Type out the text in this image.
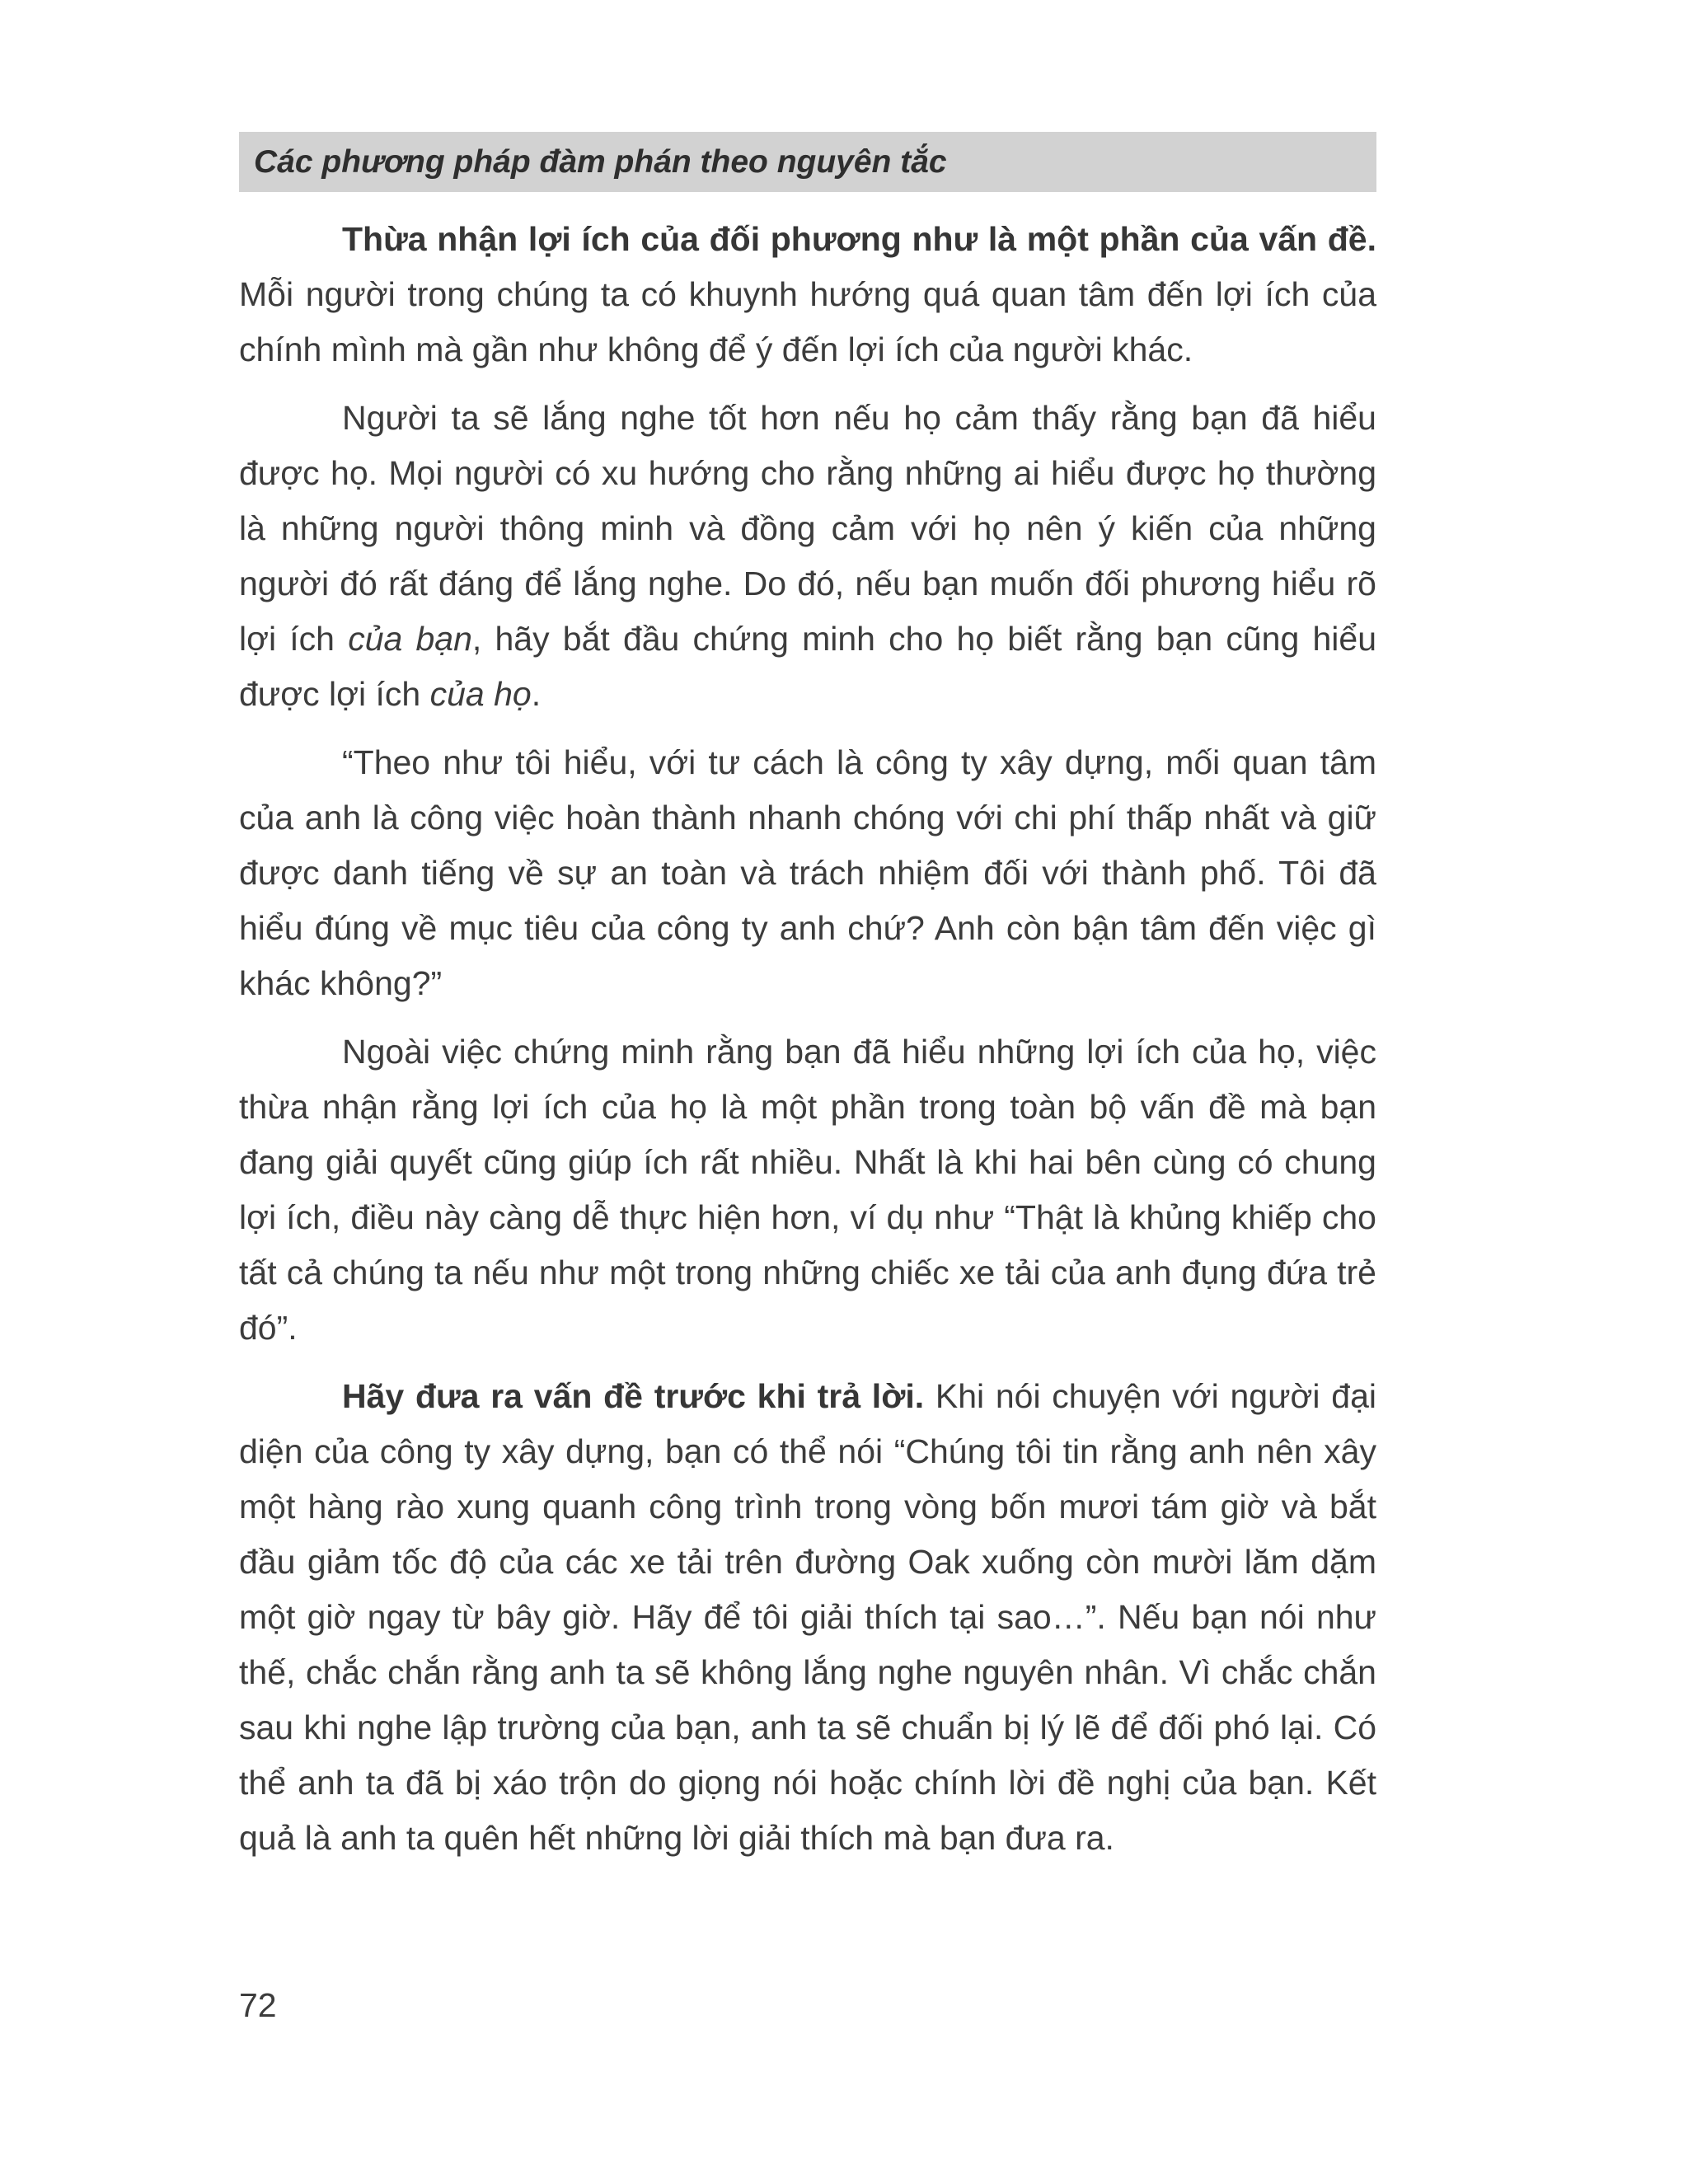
Các phương pháp đàm phán theo nguyên tắc

Thừa nhận lợi ích của đối phương như là một phần của vấn đề. Mỗi người trong chúng ta có khuynh hướng quá quan tâm đến lợi ích của chính mình mà gần như không để ý đến lợi ích của người khác.

Người ta sẽ lắng nghe tốt hơn nếu họ cảm thấy rằng bạn đã hiểu được họ. Mọi người có xu hướng cho rằng những ai hiểu được họ thường là những người thông minh và đồng cảm với họ nên ý kiến của những người đó rất đáng để lắng nghe. Do đó, nếu bạn muốn đối phương hiểu rõ lợi ích của bạn, hãy bắt đầu chứng minh cho họ biết rằng bạn cũng hiểu được lợi ích của họ.

“Theo như tôi hiểu, với tư cách là công ty xây dựng, mối quan tâm của anh là công việc hoàn thành nhanh chóng với chi phí thấp nhất và giữ được danh tiếng về sự an toàn và trách nhiệm đối với thành phố. Tôi đã hiểu đúng về mục tiêu của công ty anh chứ? Anh còn bận tâm đến việc gì khác không?”

Ngoài việc chứng minh rằng bạn đã hiểu những lợi ích của họ, việc thừa nhận rằng lợi ích của họ là một phần trong toàn bộ vấn đề mà bạn đang giải quyết cũng giúp ích rất nhiều. Nhất là khi hai bên cùng có chung lợi ích, điều này càng dễ thực hiện hơn, ví dụ như “Thật là khủng khiếp cho tất cả chúng ta nếu như một trong những chiếc xe tải của anh đụng đứa trẻ đó”.

Hãy đưa ra vấn đề trước khi trả lời. Khi nói chuyện với người đại diện của công ty xây dựng, bạn có thể nói “Chúng tôi tin rằng anh nên xây một hàng rào xung quanh công trình trong vòng bốn mươi tám giờ và bắt đầu giảm tốc độ của các xe tải trên đường Oak xuống còn mười lăm dặm một giờ ngay từ bây giờ. Hãy để tôi giải thích tại sao…”. Nếu bạn nói như thế, chắc chắn rằng anh ta sẽ không lắng nghe nguyên nhân. Vì chắc chắn sau khi nghe lập trường của bạn, anh ta sẽ chuẩn bị lý lẽ để đối phó lại. Có thể anh ta đã bị xáo trộn do giọng nói hoặc chính lời đề nghị của bạn. Kết quả là anh ta quên hết những lời giải thích mà bạn đưa ra.

72
